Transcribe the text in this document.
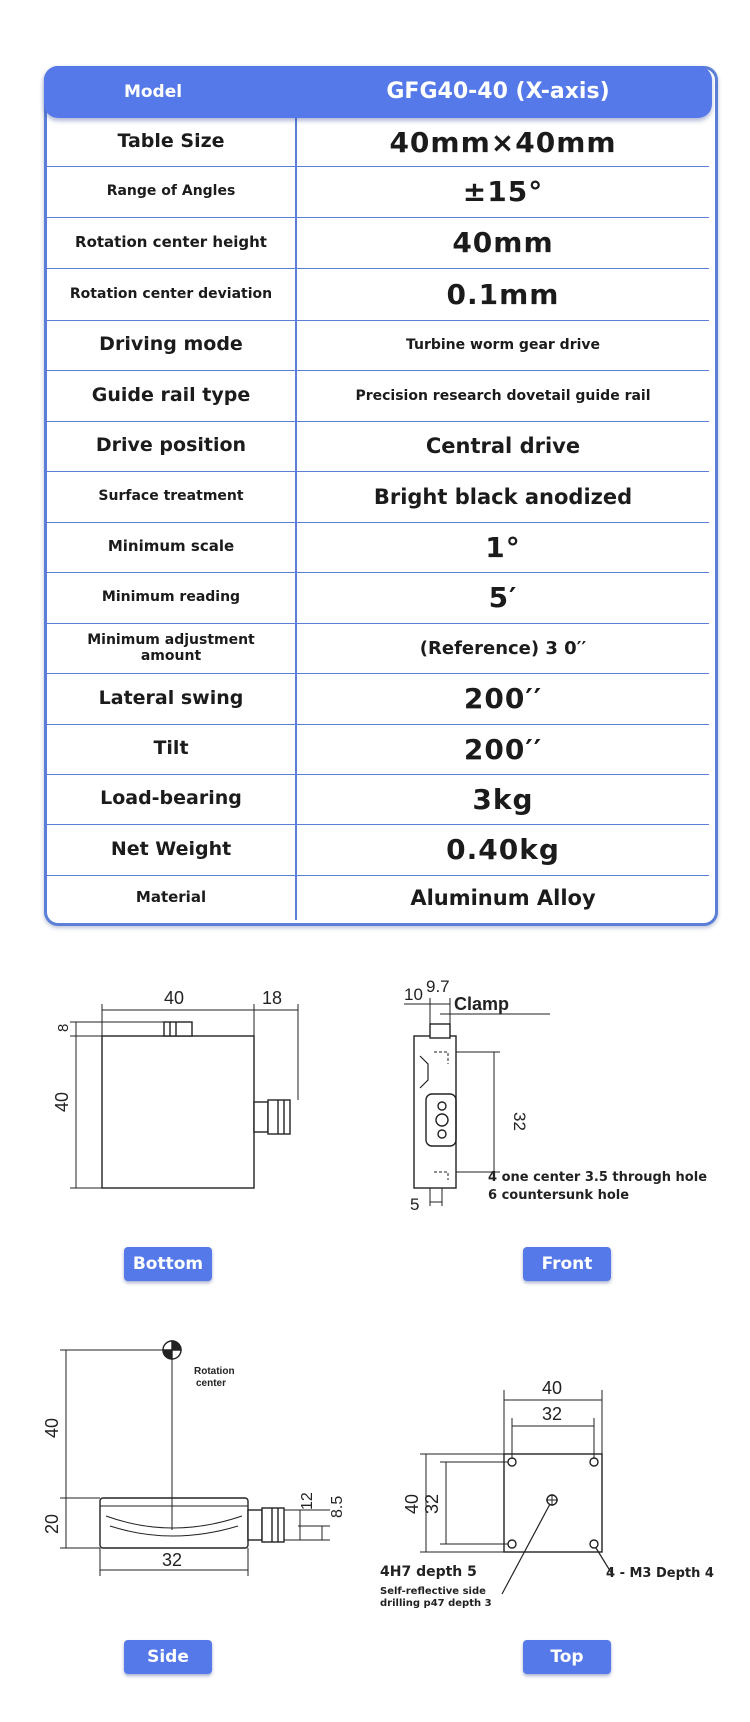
Model	GFG40-40 (X-axis)
Table Size	40mm×40mm
Range of Angles	±15°
Rotation center height	40mm
Rotation center deviation	0.1mm
Driving mode	Turbine worm gear drive
Guide rail type	Precision research dovetail guide rail
Drive position	Central drive
Surface treatment	Bright black anodized
Minimum scale	1°
Minimum reading	5′
Minimum adjustment amount	(Reference) 3 0′′
Lateral swing	200′′
Tilt	200′′
Load-bearing	3kg
Net Weight	0.40kg
Material	Aluminum Alloy
40	18
40
8
Bottom
9.7
10
32
5
Clamp
4 one center 3.5 through hole
6 countersunk hole
Front
40
20
32
12 8.5
Rotation
center
Side
40
32
40 32
4H7 depth 5
Self-reflective side
drilling p47 depth 3
4 - M3 Depth 4
Top
